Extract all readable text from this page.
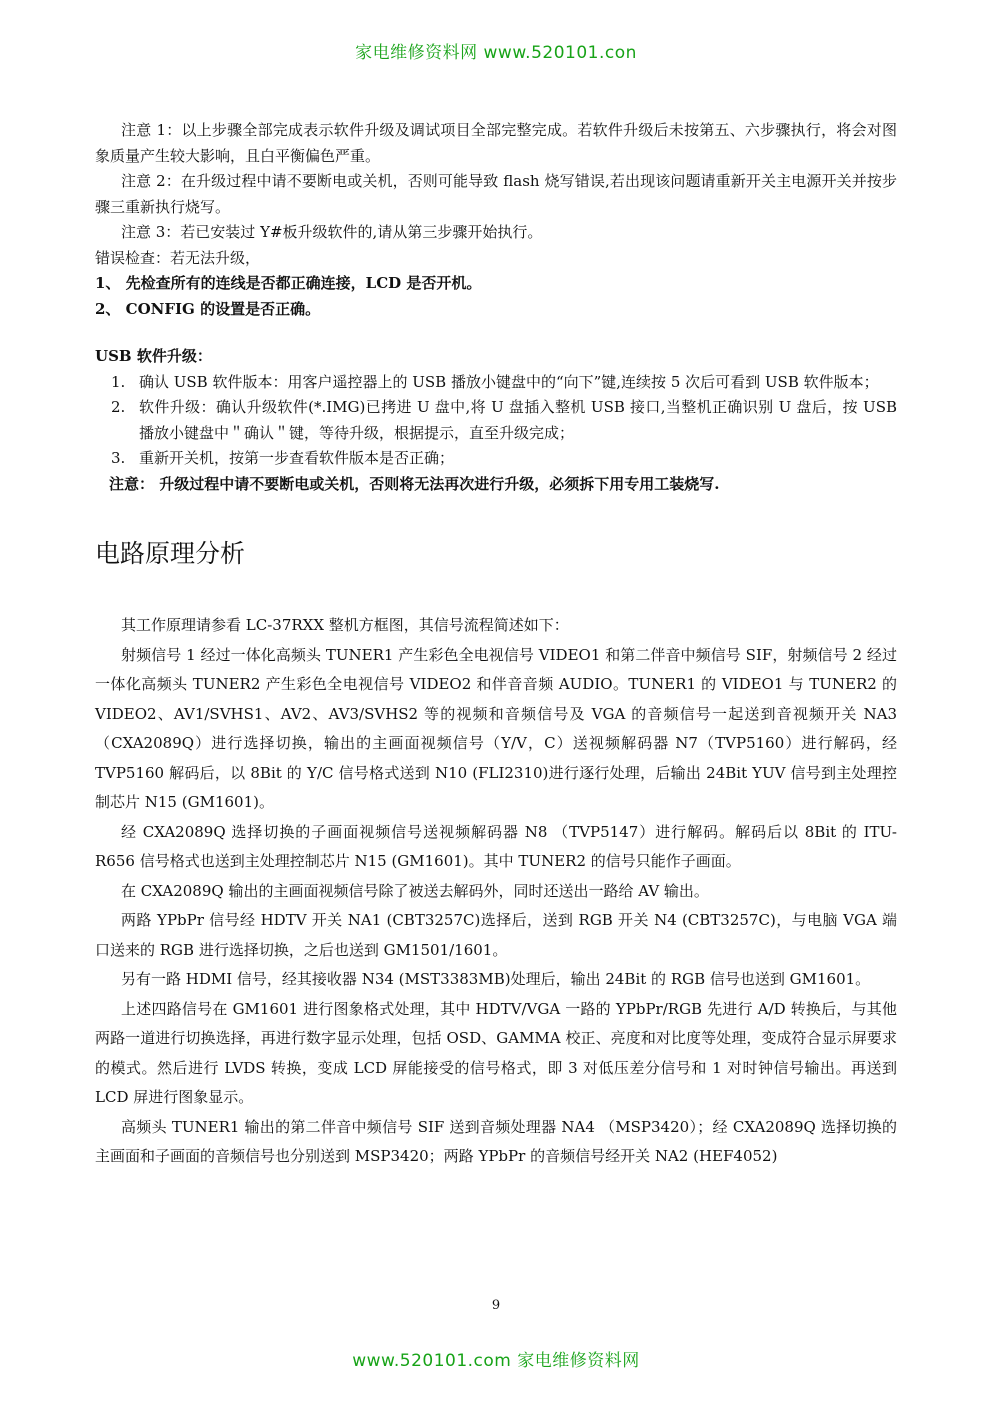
家电维修资料网 www.520101.con

注意 1：以上步骤全部完成表示软件升级及调试项目全部完整完成。若软件升级后未按第五、六步骤执行，将会对图象质量产生较大影响，且白平衡偏色严重。

注意 2：在升级过程中请不要断电或关机，否则可能导致 flash 烧写错误,若出现该问题请重新开关主电源开关并按步骤三重新执行烧写。

注意 3：若已安装过 Y#板升级软件的,请从第三步骤开始执行。

错误检查：若无法升级，

1、 先检查所有的连线是否都正确连接，LCD 是否开机。

2、 CONFIG 的设置是否正确。

USB 软件升级：

1. 确认 USB 软件版本：用客户遥控器上的 USB 播放小键盘中的“向下”键,连续按 5 次后可看到 USB 软件版本；
2. 软件升级：确认升级软件(*.IMG)已拷进 U 盘中,将 U 盘插入整机 USB 接口,当整机正确识别 U 盘后，按 USB 播放小键盘中＂确认＂键，等待升级，根据提示，直至升级完成；
3. 重新开关机，按第一步查看软件版本是否正确；

注意： 升级过程中请不要断电或关机，否则将无法再次进行升级，必须拆下用专用工装烧写.

电路原理分析

其工作原理请参看 LC-37RXX 整机方框图，其信号流程简述如下：

射频信号 1 经过一体化高频头 TUNER1 产生彩色全电视信号 VIDEO1 和第二伴音中频信号 SIF，射频信号 2 经过一体化高频头 TUNER2 产生彩色全电视信号 VIDEO2 和伴音音频 AUDIO。TUNER1 的 VIDEO1 与 TUNER2 的 VIDEO2、AV1/SVHS1、AV2、AV3/SVHS2 等的视频和音频信号及 VGA 的音频信号一起送到音视频开关 NA3 （CXA2089Q）进行选择切换，输出的主画面视频信号（Y/V，C）送视频解码器 N7（TVP5160）进行解码，经 TVP5160 解码后，以 8Bit 的 Y/C 信号格式送到 N10 (FLI2310)进行逐行处理，后输出 24Bit YUV 信号到主处理控制芯片 N15 (GM1601)。

经 CXA2089Q 选择切换的子画面视频信号送视频解码器 N8 （TVP5147）进行解码。解码后以 8Bit 的 ITU-R656 信号格式也送到主处理控制芯片 N15 (GM1601)。其中 TUNER2 的信号只能作子画面。

在 CXA2089Q 输出的主画面视频信号除了被送去解码外，同时还送出一路给 AV 输出。

两路 YPbPr 信号经 HDTV 开关 NA1 (CBT3257C)选择后，送到 RGB 开关 N4 (CBT3257C)，与电脑 VGA 端口送来的 RGB 进行选择切换，之后也送到 GM1501/1601。

另有一路 HDMI 信号，经其接收器 N34 (MST3383MB)处理后，输出 24Bit 的 RGB 信号也送到 GM1601。

上述四路信号在 GM1601 进行图象格式处理，其中 HDTV/VGA 一路的 YPbPr/RGB 先进行 A/D 转换后，与其他两路一道进行切换选择，再进行数字显示处理，包括 OSD、GAMMA 校正、亮度和对比度等处理，变成符合显示屏要求的模式。然后进行 LVDS 转换，变成 LCD 屏能接受的信号格式，即 3 对低压差分信号和 1 对时钟信号输出。再送到 LCD 屏进行图象显示。

高频头 TUNER1 输出的第二伴音中频信号 SIF 送到音频处理器 NA4 （MSP3420）；经 CXA2089Q 选择切换的主画面和子画面的音频信号也分别送到 MSP3420；两路 YPbPr 的音频信号经开关 NA2 (HEF4052)

9
www.520101.com 家电维修资料网
